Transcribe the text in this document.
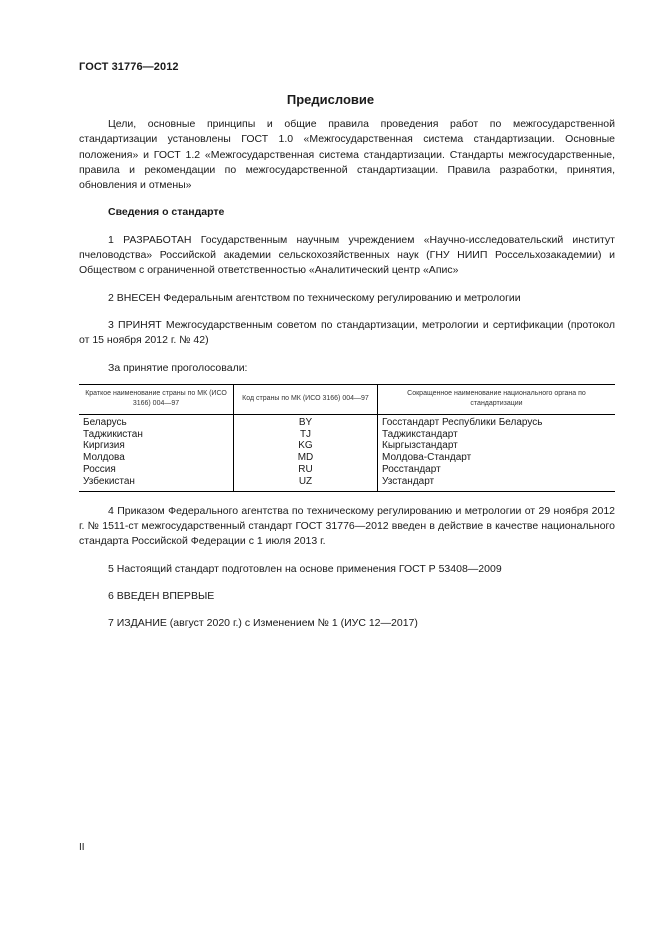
ГОСТ 31776—2012
Предисловие

Цели, основные принципы и общие правила проведения работ по межгосударственной стандартизации установлены ГОСТ 1.0 «Межгосударственная система стандартизации. Основные положения» и ГОСТ 1.2 «Межгосударственная система стандартизации. Стандарты межгосударственные, правила и рекомендации по межгосударственной стандартизации. Правила разработки, принятия, обновления и отмены»

Сведения о стандарте

1 РАЗРАБОТАН Государственным научным учреждением «Научно-исследовательский институт пчеловодства» Российской академии сельскохозяйственных наук (ГНУ НИИП Россельхозакадемии) и Обществом с ограниченной ответственностью «Аналитический центр «Апис»

2 ВНЕСЕН Федеральным агентством по техническому регулированию и метрологии

3 ПРИНЯТ Межгосударственным советом по стандартизации, метрологии и сертификации (протокол от 15 ноября 2012 г. № 42)

За принятие проголосовали:

Краткое наименование страны по МК (ИСО 3166) 004—97	Код страны по МК (ИСО 3166) 004—97	Сокращенное наименование национального органа по стандартизации
Беларусь	BY	Госстандарт Республики Беларусь
Таджикистан	TJ	Таджикстандарт
Киргизия	KG	Кыргызстандарт
Молдова	MD	Молдова-Стандарт
Россия	RU	Росстандарт
Узбекистан	UZ	Узстандарт

4 Приказом Федерального агентства по техническому регулированию и метрологии от 29 ноября 2012 г. № 1511-ст межгосударственный стандарт ГОСТ 31776—2012 введен в действие в качестве национального стандарта Российской Федерации с 1 июля 2013 г.

5 Настоящий стандарт подготовлен на основе применения ГОСТ Р 53408—2009

6 ВВЕДЕН ВПЕРВЫЕ

7 ИЗДАНИЕ (август 2020 г.) с Изменением № 1 (ИУС 12—2017)

II
